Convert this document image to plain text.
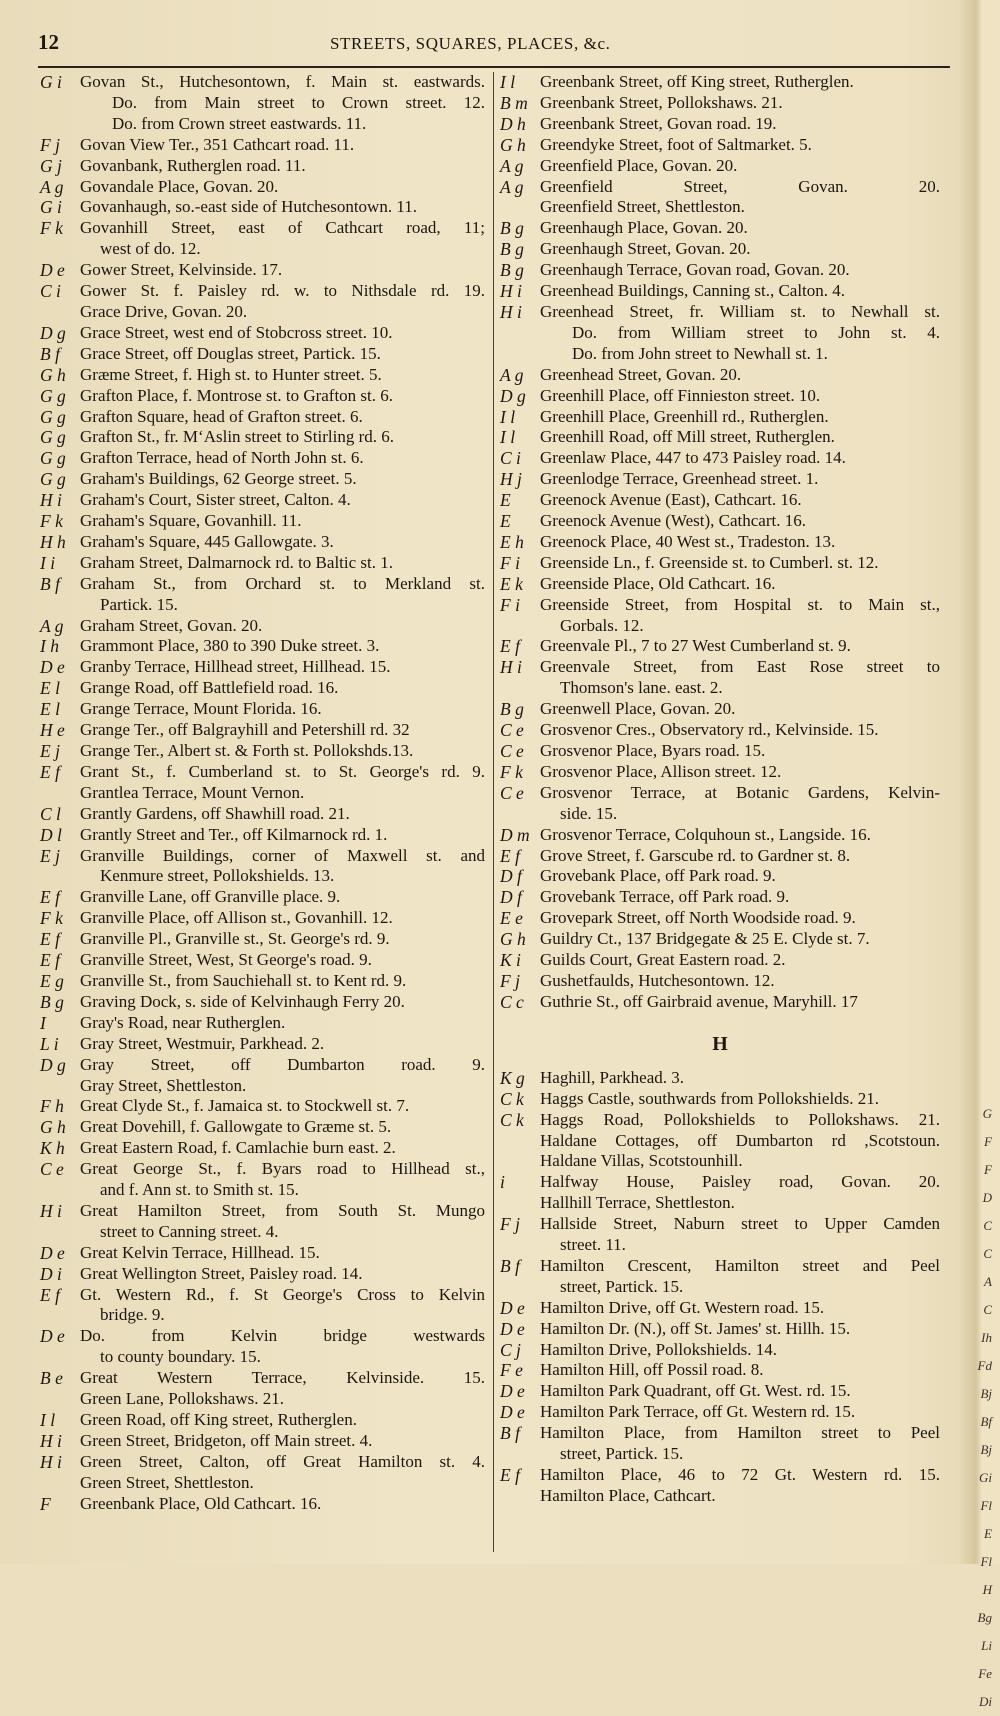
12	STREETS, SQUARES, PLACES, &c.
G i	Govan St., Hutchesontown, f. Main st. eastwards.
Do. from Main street to Crown street. 12.
Do. from Crown street eastwards. 11.
F j	Govan View Ter., 351 Cathcart road. 11.
G j	Govanbank, Rutherglen road. 11.
A g Govandale Place, Govan. 20.
G i	Govanhaugh, so.-east side of Hutchesontown. 11.
F k	Govanhill Street, east of Cathcart road, 11;
west of do. 12.
D e Gower Street, Kelvinside. 17.
C i	Gower St. f. Paisley rd. w. to Nithsdale rd. 19.
Grace Drive, Govan. 20.
D g Grace Street, west end of Stobcross street. 10.
B f	Grace Street, off Douglas street, Partick. 15.
G h Græme Street, f. High st. to Hunter street. 5.
G g Grafton Place, f. Montrose st. to Grafton st. 6.
G g Grafton Square, head of Grafton street. 6.
G g Grafton St., fr. M‘Aslin street to Stirling rd. 6.
G g Grafton Terrace, head of North John st. 6.
G g Graham's Buildings, 62 George street. 5.
H i	Graham's Court, Sister street, Calton. 4.
F k	Graham's Square, Govanhill. 11.
H h Graham's Square, 445 Gallowgate. 3.
I i	Graham Street, Dalmarnock rd. to Baltic st. 1.
B f	Graham St., from Orchard st. to Merkland st.
Partick. 15.
A g Graham Street, Govan. 20.
I h	Grammont Place, 380 to 390 Duke street. 3.
D e Granby Terrace, Hillhead street, Hillhead. 15.
E l	Grange Road, off Battlefield road. 16.
E l	Grange Terrace, Mount Florida. 16.
H e Grange Ter., off Balgrayhill and Petershill rd. 32
E j	Grange Ter., Albert st. & Forth st. Pollokshds.13.
E f	Grant St., f. Cumberland st. to St. George's rd. 9.
Grantlea Terrace, Mount Vernon.
C l	Grantly Gardens, off Shawhill road. 21.
D l	Grantly Street and Ter., off Kilmarnock rd. 1.
E j	Granville Buildings, corner of Maxwell st. and
Kenmure street, Pollokshields. 13.
E f	Granville Lane, off Granville place. 9.
F k	Granville Place, off Allison st., Govanhill. 12.
E f	Granville Pl., Granville st., St. George's rd. 9.
E f	Granville Street, West, St George's road. 9.
E g Granville St., from Sauchiehall st. to Kent rd. 9.
B g Graving Dock, s. side of Kelvinhaugh Ferry 20.
I	Gray's Road, near Rutherglen.
L i	Gray Street, Westmuir, Parkhead. 2.
D g Gray Street, off Dumbarton road. 9.
Gray Street, Shettleston.
F h Great Clyde St., f. Jamaica st. to Stockwell st. 7.
G h Great Dovehill, f. Gallowgate to Græme st. 5.
K h Great Eastern Road, f. Camlachie burn east. 2.
C e Great George St., f. Byars road to Hillhead st.,
and f. Ann st. to Smith st. 15.
H i	Great Hamilton Street, from South St. Mungo
street to Canning street. 4.
D e Great Kelvin Terrace, Hillhead. 15.
D i	Great Wellington Street, Paisley road. 14.
E f	Gt. Western Rd., f. St George's Cross to Kelvin
bridge. 9.
D e Do. from Kelvin bridge westwards
to county boundary. 15.
B e	Great Western Terrace, Kelvinside. 15.
Green Lane, Pollokshaws. 21.
I l	Green Road, off King street, Rutherglen.
H i	Green Street, Bridgeton, off Main street. 4.
H i	Green Street, Calton, off Great Hamilton st. 4.
Green Street, Shettleston.
F	Greenbank Place, Old Cathcart. 16.
I l	Greenbank Street, off King street, Rutherglen.
B m Greenbank Street, Pollokshaws. 21.
D h Greenbank Street, Govan road. 19.
G h Greendyke Street, foot of Saltmarket. 5.
A g Greenfield Place, Govan. 20.
A g Greenfield Street, Govan. 20.
Greenfield Street, Shettleston.
B g Greenhaugh Place, Govan. 20.
B g Greenhaugh Street, Govan. 20.
B g Greenhaugh Terrace, Govan road, Govan. 20.
H i	Greenhead Buildings, Canning st., Calton. 4.
H i	Greenhead Street, fr. William st. to Newhall st.
Do. from William street to John st. 4.
Do. from John street to Newhall st. 1.
A g Greenhead Street, Govan. 20.
D g Greenhill Place, off Finnieston street. 10.
I l	Greenhill Place, Greenhill rd., Rutherglen.
I l	Greenhill Road, off Mill street, Rutherglen.
C i	Greenlaw Place, 447 to 473 Paisley road. 14.
H j	Greenlodge Terrace, Greenhead street. 1.
E	Greenock Avenue (East), Cathcart. 16.
E	Greenock Avenue (West), Cathcart. 16.
E h Greenock Place, 40 West st., Tradeston. 13.
F i	Greenside Ln., f. Greenside st. to Cumberl. st. 12.
E k	Greenside Place, Old Cathcart. 16.
F i	Greenside Street, from Hospital st. to Main st.,
Gorbals. 12.
E f	Greenvale Pl., 7 to 27 West Cumberland st. 9.
H i	Greenvale Street, from East Rose street to
Thomson's lane. east. 2.
B g Greenwell Place, Govan. 20.
C e Grosvenor Cres., Observatory rd., Kelvinside. 15.
C e Grosvenor Place, Byars road. 15.
F k	Grosvenor Place, Allison street. 12.
C e Grosvenor Terrace, at Botanic Gardens, Kelvin-
side. 15.
D m Grosvenor Terrace, Colquhoun st., Langside. 16.
E f	Grove Street, f. Garscube rd. to Gardner st. 8.
D f	Grovebank Place, off Park road. 9.
D f	Grovebank Terrace, off Park road. 9.
E e	Grovepark Street, off North Woodside road. 9.
G h Guildry Ct., 137 Bridgegate & 25 E. Clyde st. 7.
K i	Guilds Court, Great Eastern road. 2.
F j	Gushetfaulds, Hutchesontown. 12.
C c Guthrie St., off Gairbraid avenue, Maryhill. 17
H
K g Haghill, Parkhead. 3.
C k Haggs Castle, southwards from Pollokshields. 21.
C k Haggs Road, Pollokshields to Pollokshaws. 21.
Haldane Cottages, off Dumbarton rd ,Scotstoun.
Haldane Villas, Scotstounhill.
i	Halfway House, Paisley road, Govan. 20.
Hallhill Terrace, Shettleston.
F j	Hallside Street, Naburn street to Upper Camden
street. 11.
B f	Hamilton Crescent, Hamilton street and Peel
street, Partick. 15.
D e Hamilton Drive, off Gt. Western road. 15.
D e Hamilton Dr. (N.), off St. James' st. Hillh. 15.
C j	Hamilton Drive, Pollokshields. 14.
F e	Hamilton Hill, off Possil road. 8.
D e Hamilton Park Quadrant, off Gt. West. rd. 15.
D e Hamilton Park Terrace, off Gt. Western rd. 15.
B f	Hamilton Place, from Hamilton street to Peel
street, Partick. 15.
E f	Hamilton Place, 46 to 72 Gt. Western rd. 15.
Hamilton Place, Cathcart.
G
F
F
D
C
C
A
C
Ih
Fd
Bj
Bf
Bj
Gi
Fl
E
Fl
H
Bg
Li
Fe
Di
